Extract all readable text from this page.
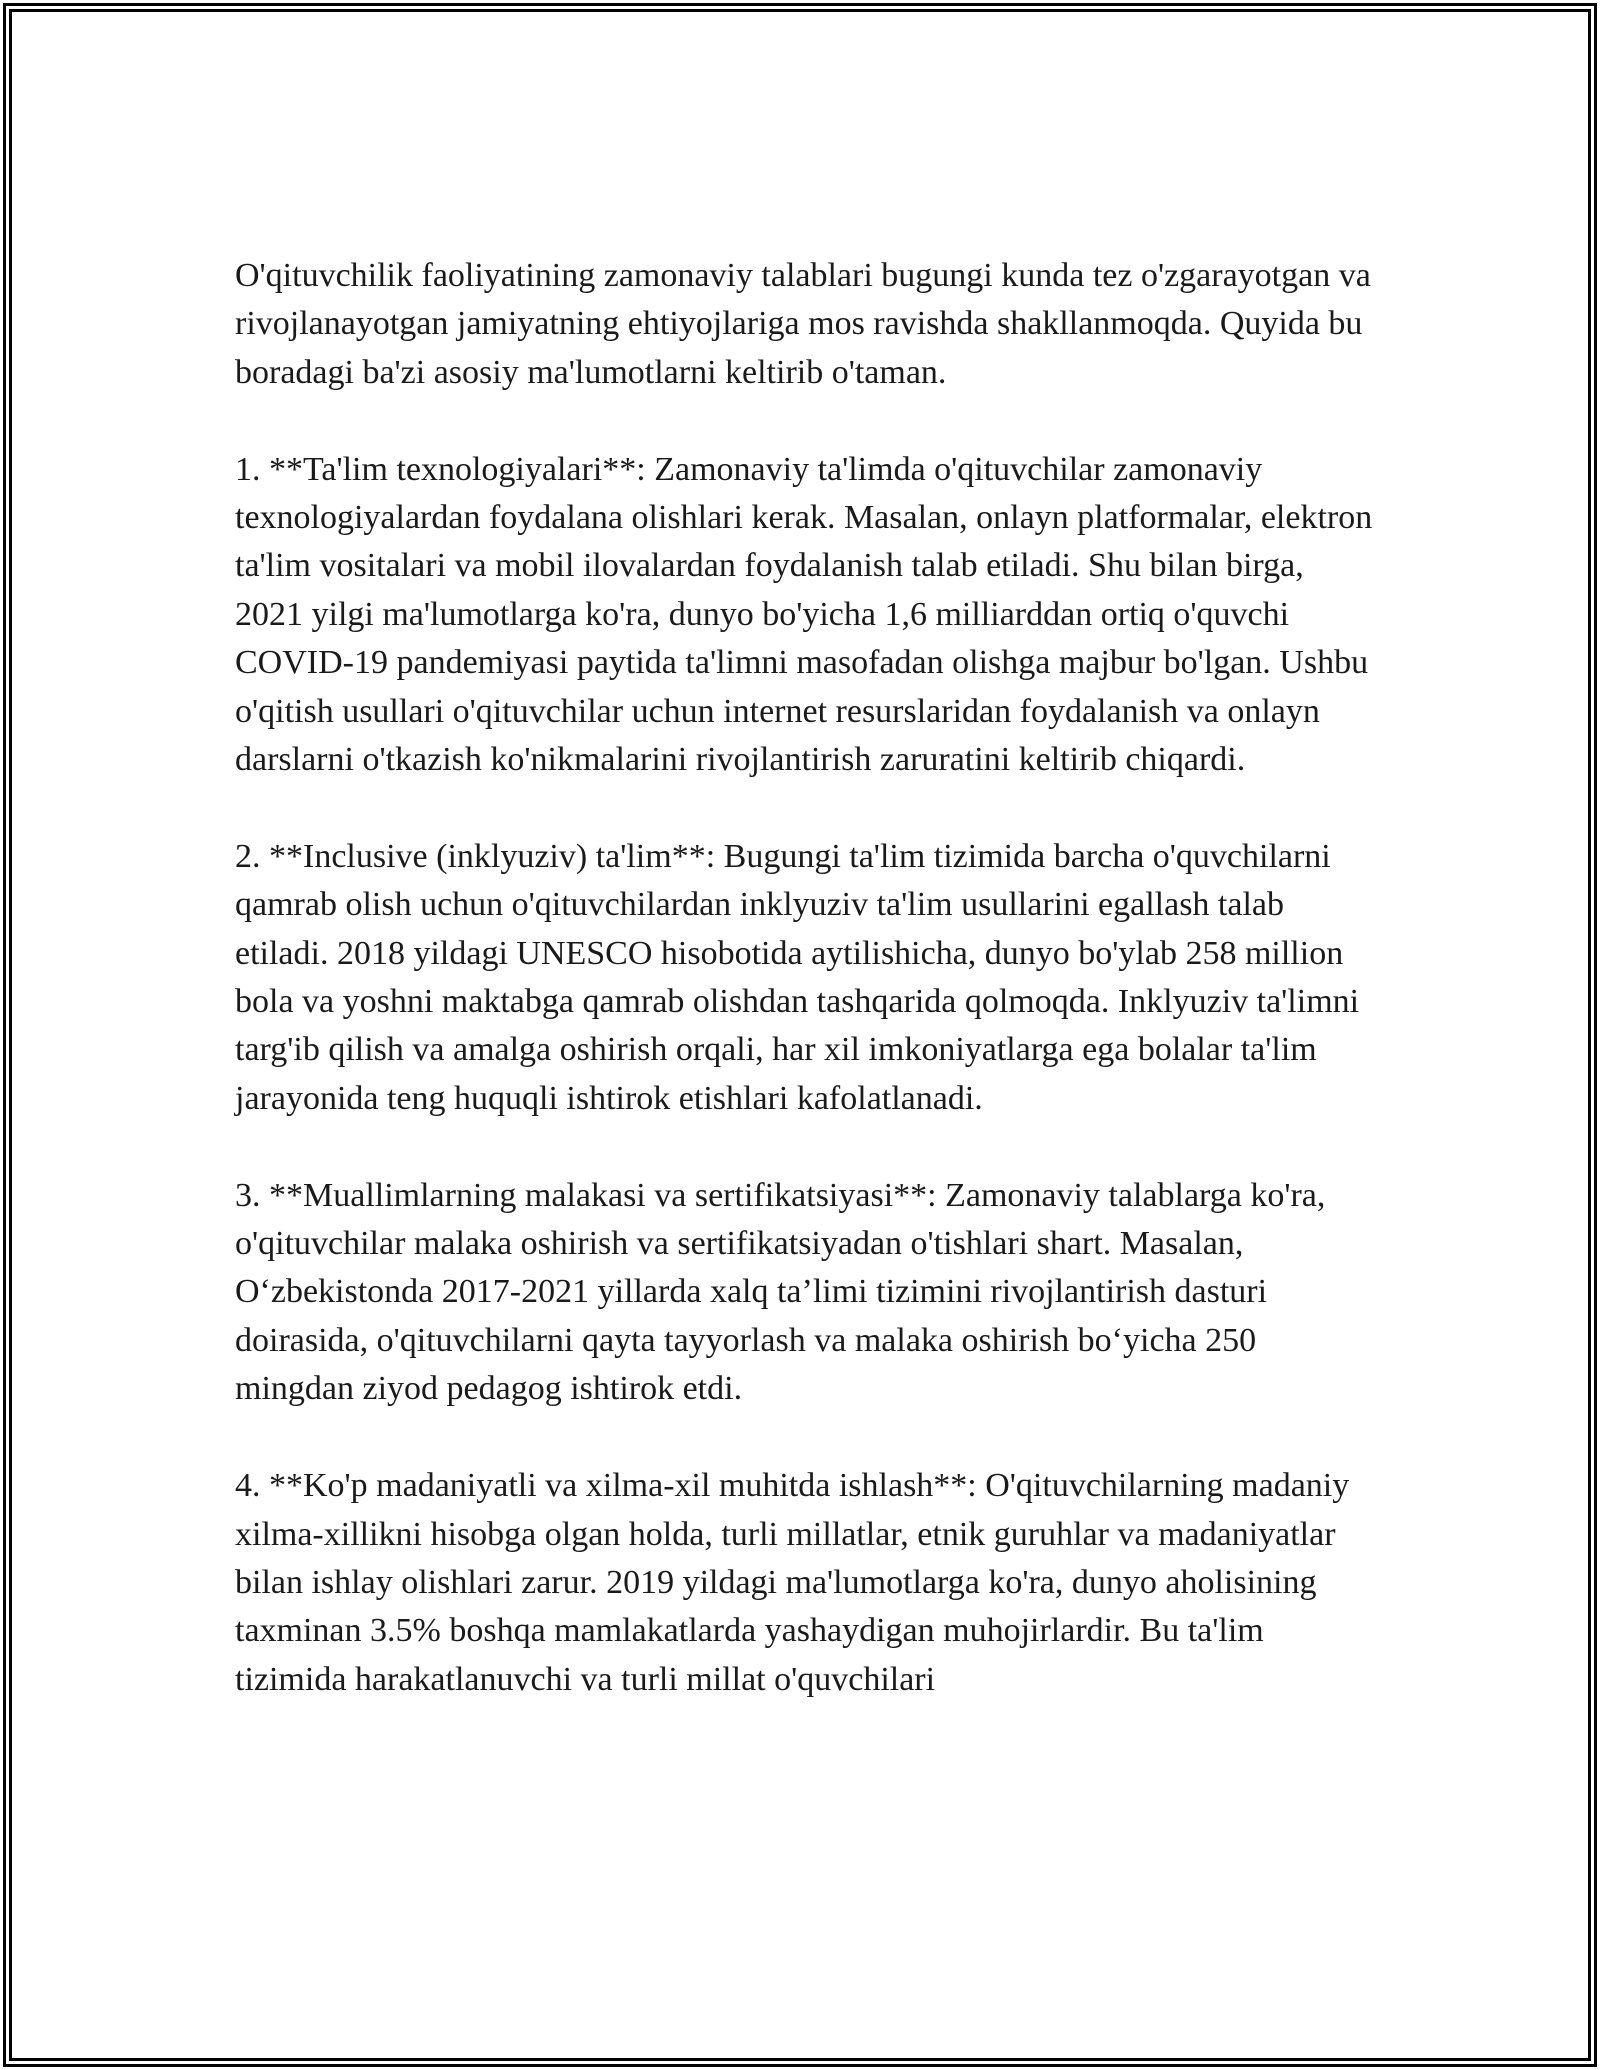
O'qituvchilik faoliyatining zamonaviy talablari bugungi kunda tez o'zgarayotgan va rivojlanayotgan jamiyatning ehtiyojlariga mos ravishda shakllanmoqda. Quyida bu boradagi ba'zi asosiy ma'lumotlarni keltirib o'taman.

1. **Ta'lim texnologiyalari**: Zamonaviy ta'limda o'qituvchilar zamonaviy texnologiyalardan foydalana olishlari kerak. Masalan, onlayn platformalar, elektron ta'lim vositalari va mobil ilovalardan foydalanish talab etiladi. Shu bilan birga, 2021 yilgi ma'lumotlarga ko'ra, dunyo bo'yicha 1,6 milliarddan ortiq o'quvchi COVID-19 pandemiyasi paytida ta'limni masofadan olishga majbur bo'lgan. Ushbu o'qitish usullari o'qituvchilar uchun internet resurslaridan foydalanish va onlayn darslarni o'tkazish ko'nikmalarini rivojlantirish zaruratini keltirib chiqardi.

2. **Inclusive (inklyuziv) ta'lim**: Bugungi ta'lim tizimida barcha o'quvchilarni qamrab olish uchun o'qituvchilardan inklyuziv ta'lim usullarini egallash talab etiladi. 2018 yildagi UNESCO hisobotida aytilishicha, dunyo bo'ylab 258 million bola va yoshni maktabga qamrab olishdan tashqarida qolmoqda. Inklyuziv ta'limni targ'ib qilish va amalga oshirish orqali, har xil imkoniyatlarga ega bolalar ta'lim jarayonida teng huquqli ishtirok etishlari kafolatlanadi.

3. **Muallimlarning malakasi va sertifikatsiyasi**: Zamonaviy talablarga ko'ra, o'qituvchilar malaka oshirish va sertifikatsiyadan o'tishlari shart. Masalan, O‘zbekistonda 2017-2021 yillarda xalq ta’limi tizimini rivojlantirish dasturi doirasida, o'qituvchilarni qayta tayyorlash va malaka oshirish bo‘yicha 250 mingdan ziyod pedagog ishtirok etdi.

4. **Ko'p madaniyatli va xilma-xil muhitda ishlash**: O'qituvchilarning madaniy xilma-xillikni hisobga olgan holda, turli millatlar, etnik guruhlar va madaniyatlar bilan ishlay olishlari zarur. 2019 yildagi ma'lumotlarga ko'ra, dunyo aholisining taxminan 3.5% boshqa mamlakatlarda yashaydigan muhojirlardir. Bu ta'lim tizimida harakatlanuvchi va turli millat o'quvchilari
